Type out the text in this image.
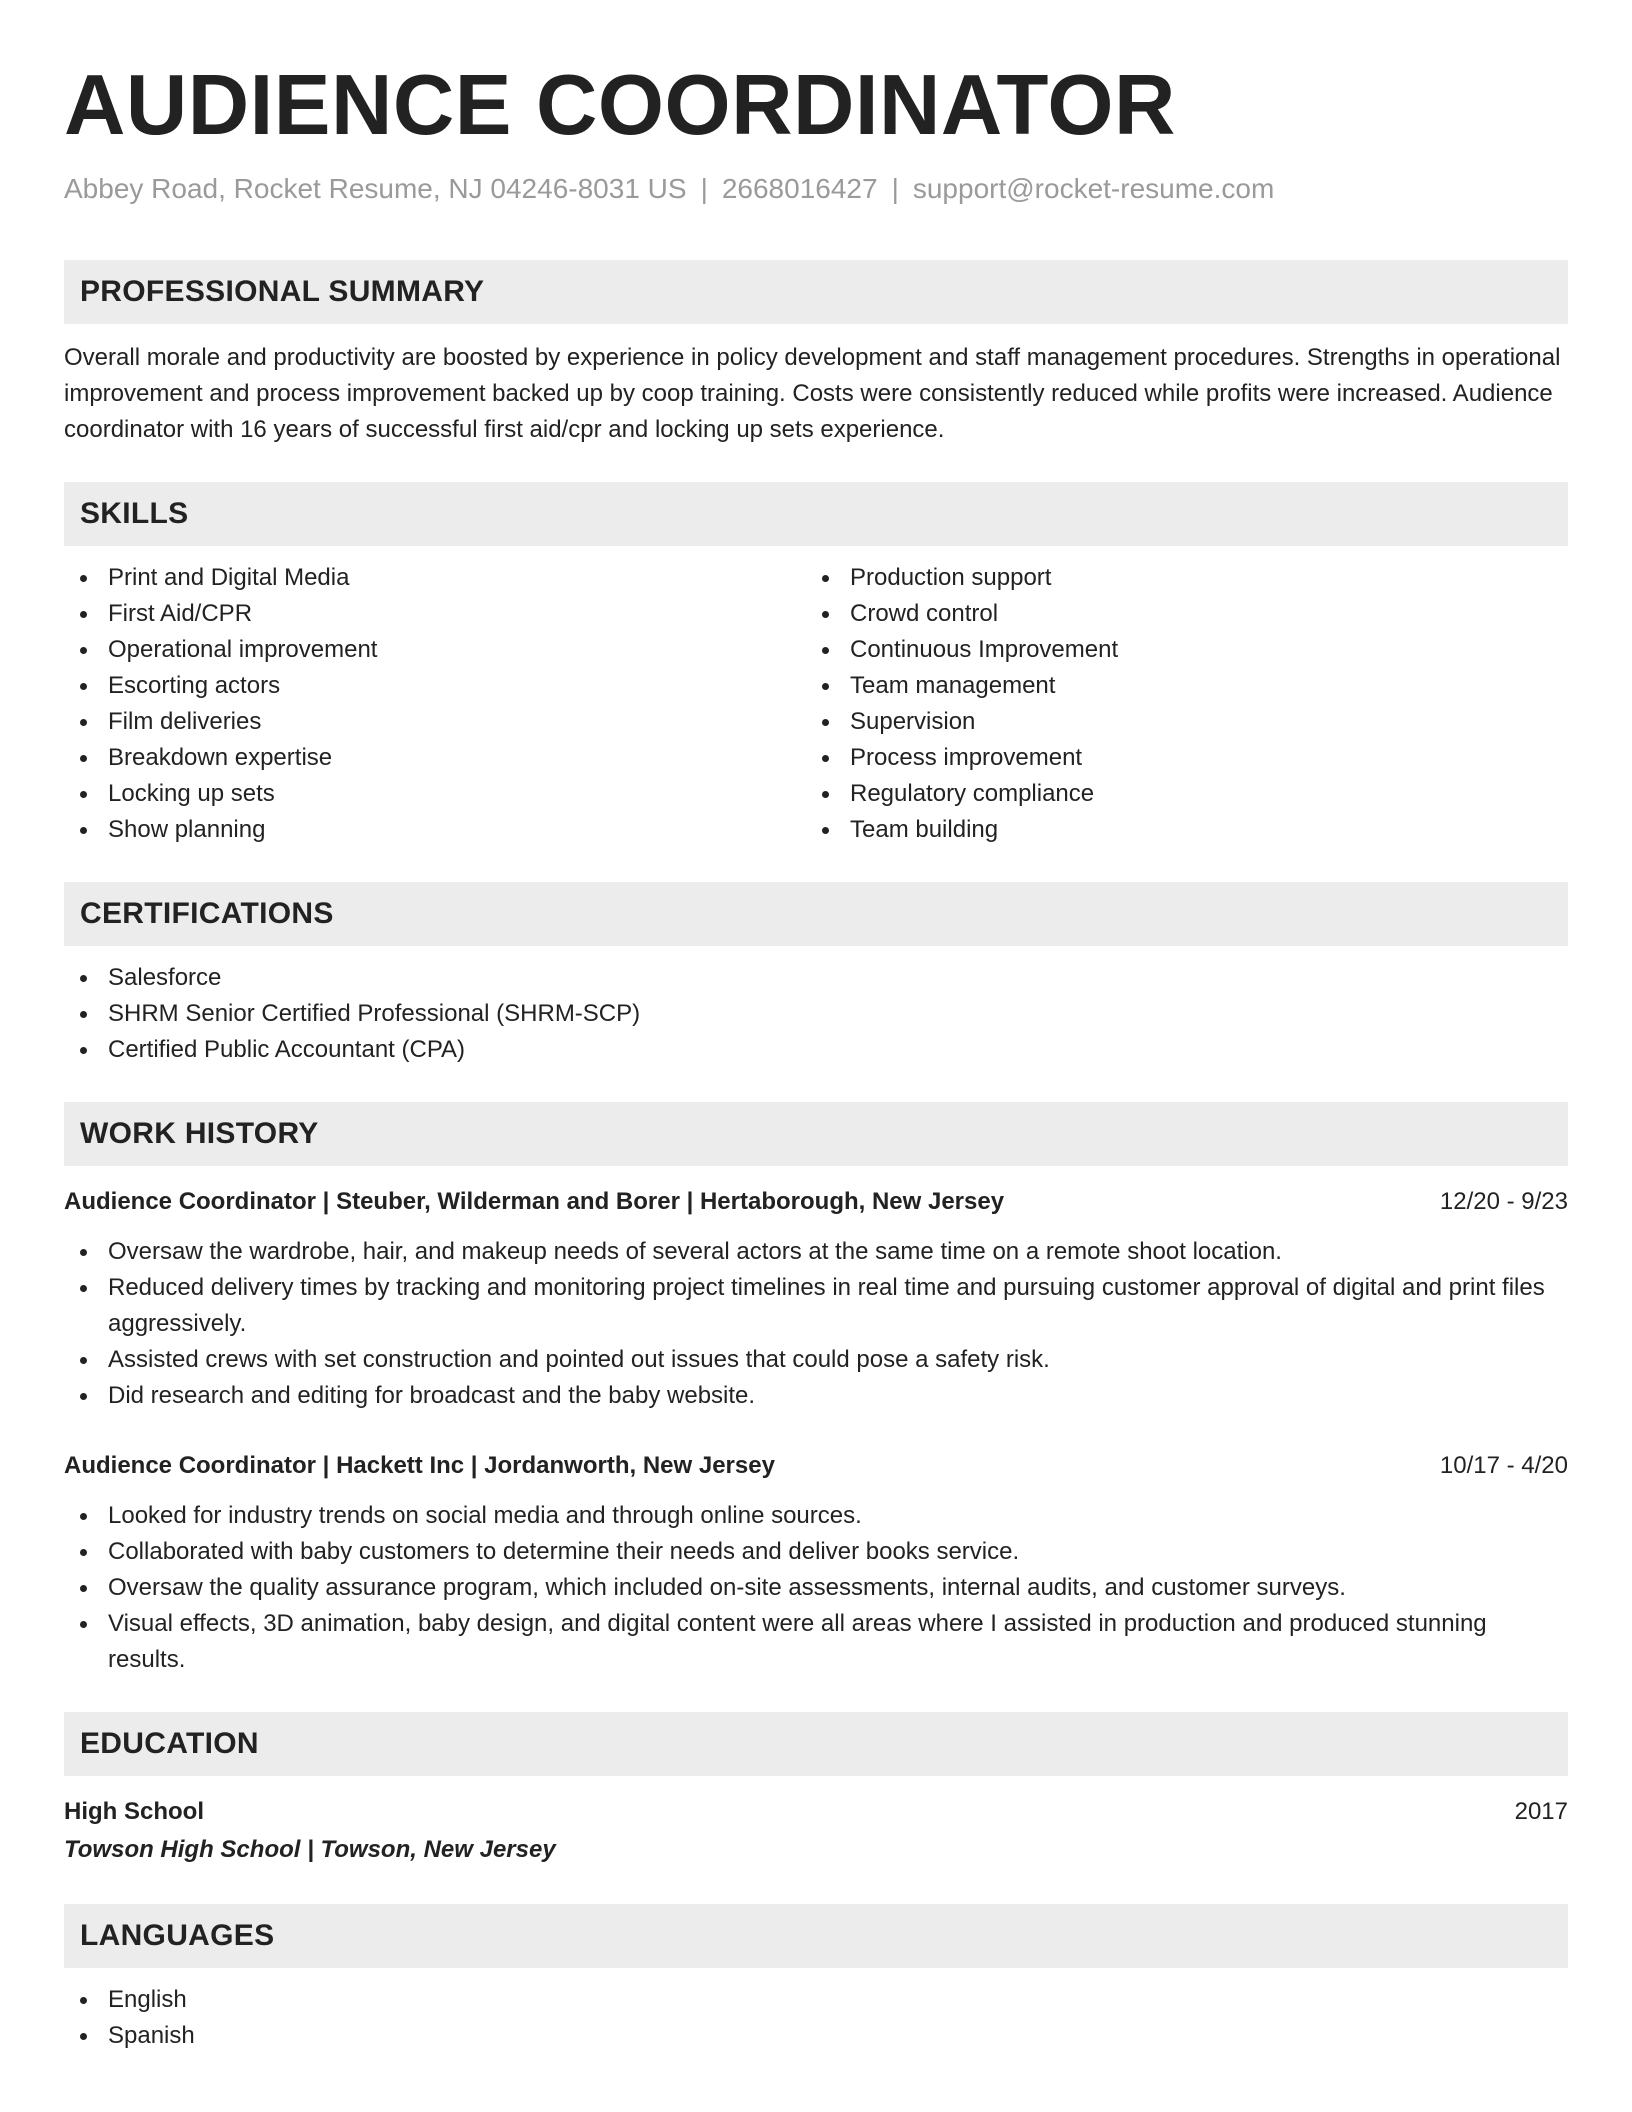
AUDIENCE COORDINATOR
Abbey Road, Rocket Resume, NJ 04246-8031 US | 2668016427 | support@rocket-resume.com
PROFESSIONAL SUMMARY

Overall morale and productivity are boosted by experience in policy development and staff management procedures. Strengths in operational improvement and process improvement backed up by coop training. Costs were consistently reduced while profits were increased. Audience coordinator with 16 years of successful first aid/cpr and locking up sets experience.

SKILLS
Print and Digital Media
First Aid/CPR
Operational improvement
Escorting actors
Film deliveries
Breakdown expertise
Locking up sets
Show planning
Production support
Crowd control
Continuous Improvement
Team management
Supervision
Process improvement
Regulatory compliance
Team building
CERTIFICATIONS
Salesforce
SHRM Senior Certified Professional (SHRM-SCP)
Certified Public Accountant (CPA)
WORK HISTORY
Audience Coordinator | Steuber, Wilderman and Borer | Hertaborough, New Jersey	12/20 - 9/23
Oversaw the wardrobe, hair, and makeup needs of several actors at the same time on a remote shoot location.
Reduced delivery times by tracking and monitoring project timelines in real time and pursuing customer approval of digital and print files aggressively.
Assisted crews with set construction and pointed out issues that could pose a safety risk.
Did research and editing for broadcast and the baby website.
Audience Coordinator | Hackett Inc | Jordanworth, New Jersey	10/17 - 4/20
Looked for industry trends on social media and through online sources.
Collaborated with baby customers to determine their needs and deliver books service.
Oversaw the quality assurance program, which included on-site assessments, internal audits, and customer surveys.
Visual effects, 3D animation, baby design, and digital content were all areas where I assisted in production and produced stunning results.
EDUCATION
High School	2017
Towson High School | Towson, New Jersey
LANGUAGES
English
Spanish
